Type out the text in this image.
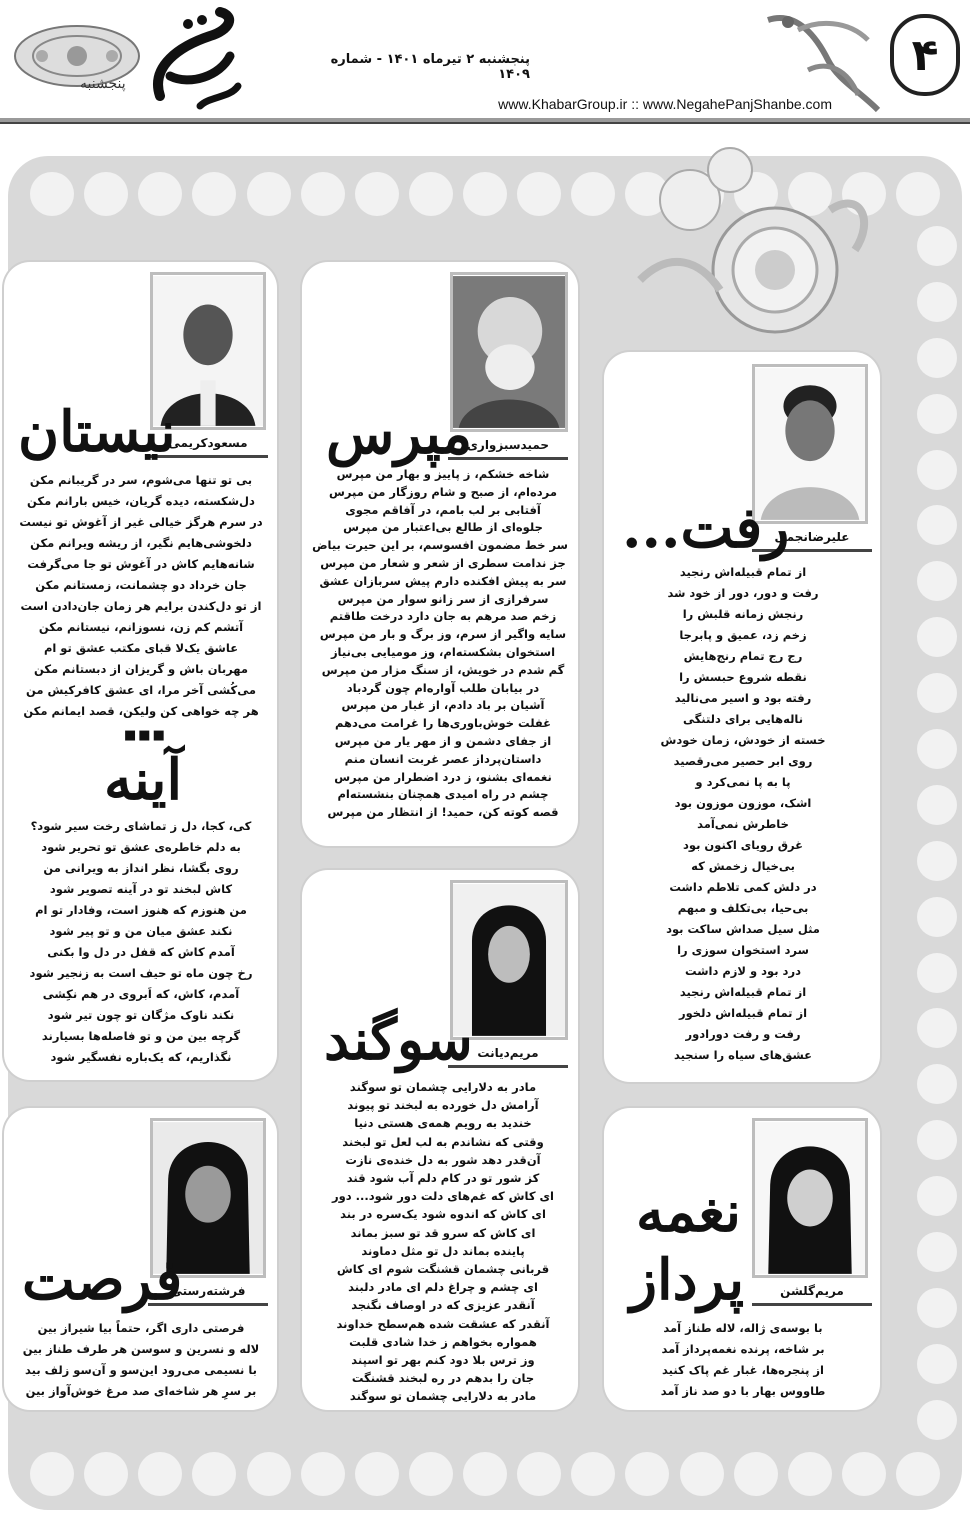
پنجشنبه
پنجشنبه ۲ تیرماه ۱۴۰۱ - شماره ۱۴۰۹
www.KhabarGroup.ir :: www.NegahePanjShanbe.com
۴
مسعودکریمی
نیستان
بی تو تنها می‌شوم، سر در گریبانم مکن
دل‌شکسته، دیده گریان، خیس بارانم مکن
در سرم هرگز خیالی غیر از آغوش تو نیست
دلخوشی‌هایم نگیر، از ریشه ویرانم مکن
شانه‌هایم کاش در آغوش تو جا می‌گرفت
جان خرداد دو چشمانت، زمستانم مکن
از تو دل‌کندن برایم هر زمان جان‌دادن است
آتشم کم زن، نسوزانم، نیستانم مکن
عاشق یک‌لا قبای مکتب عشق تو ام
مهربان باش و گریزان از دبستانم مکن
می‌کُشی آخر مرا، ای عشق کافرکیش من
هر چه خواهی کن ولیکن، قصد ایمانم مکن
■■■
آینه
کی، کجا، دل ز تماشای رخت سیر شود؟
به دلم خاطره‌ی عشق تو تحریر شود
روی بگشا، نظر انداز به ویرانی من
کاش لبخند تو در آینه تصویر شود
من هنوزم که هنوز است، وفادار تو ام
نکند عشق میان من و تو پیر شود
آمدم کاش که قفل در دل وا بکنی
رخ چون ماه تو حیف است به زنجیر شود
آمدم، کاش، که اَبروی در هم نکِشی
نکند ناوک مژگان تو چون تیر شود
گرچه بین من و تو فاصله‌ها بسیارند
نگذاریم، که یک‌باره نفسگیر شود
حمیدسبزواری
مپرس
شاخه خشکم، ز پاییز و بهار من مپرس
مرده‌ام، از صبح و شام روزگار من مپرس
آفتابی بر لب بامم، در آفاقم مجوی
جلوه‌ای از طالع بی‌اعتبار من مپرس
سر خط مضمون افسوسم، بر این حیرت بیاض
جز ندامت سطری از شعر و شعار من مپرس
سر به پیش افکنده دارم پیش سربازان عشق
سرفرازی از سر زانو سوار من مپرس
زخم صد مرهم به جان دارد درخت طاقتم
سایه واگیر از سرم، وز برگ و بار من مپرس
استخوان بشکسته‌ام، وز مومیایی بی‌نیاز
گم شدم در خویش، از سنگ مزار من مپرس
در بیابان طلب آواره‌ام چون گردباد
آشیان بر باد دادم، از غبار من مپرس
غفلت خوش‌باوری‌ها را غرامت می‌دهم
از جفای دشمن و از مهر یار من مپرس
داستان‌پرداز عصر غربت انسان منم
نغمه‌ای بشنو، ز درد اضطرار من مپرس
چشم در راه امیدی همچنان بنشسته‌ام
قصه کوته کن، حمید! از انتظار من مپرس
علیرضانجمی
رفت...
از تمام قبیله‌اش رنجید
رفت و دور، دور از خود شد
رنجش زمانه قلبش را
زخم زد، عمیق و پابرجا
رج رج تمام رنج‌هایش
نقطه شروع حبسش را
رفته بود و اسیر می‌نالید
ناله‌هایی برای دلتنگی
خسته از خودش، زمان خودش
روی ابر حصیر می‌رقصید
پا به پا نمی‌کرد و
اشک، موزون موزون بود
خاطرش نمی‌آمد
غرق رویای اکنون بود
بی‌خیال زخمش که
در دلش کمی تلاطم داشت
بی‌حیا، بی‌تکلف و مبهم
مثل سیل صداش ساکت بود
سرد استخوان سوزی را
درد بود و لازم داشت
از تمام قبیله‌اش رنجید
از تمام قبیله‌اش دلخور
رفت و رفت دورادور
عشق‌های سیاه را سنجید
مریم‌دیانت
سوگند
مادر به دلارایی چشمان تو سوگند
آرامش دل خورده به لبخند تو پیوند
خندید به رویم همه‌ی هستی دنیا
وقتی که نشاندم به لب لعل تو لبخند
آن‌قدر دهد شور به دل خنده‌ی نازت
کز شور تو در کام دلم آب شود قند
ای کاش که غم‌های دلت دور شود... دور
ای کاش که اندوه شود یک‌سره در بند
ای کاش که سرو قد تو سبز بماند
پاینده بماند دل تو مثل دماوند
قربانی چشمان قشنگت شوم ای کاش
ای چشم و چراغ دلم ای مادر دلبند
آنقدر عزیزی که در اوصاف نگنجد
آنقدر که عشقت شده هم‌سطح خداوند
همواره بخواهم ز خدا شادی قلبت
وز ترس بلا دود کنم بهر تو اسپند
جان را بدهم در ره لبخند قشنگت
مادر به دلارایی چشمان تو سوگند
فرشته‌رستی
فرصت
فرصتی داری اگر، حتماً بیا شیراز بین
لاله و نسرین و سوسن هر طرف طناز بین
با نسیمی می‌رود این‌سو و آن‌سو زلف بید
بر سرِ هر شاخه‌ای صد مرغ خوش‌آواز بین
مریم‌گلشن
نغمه
پرداز
با بوسه‌ی ژاله، لاله طناز آمد
بر شاخه، پرنده نغمه‌پرداز آمد
از پنجره‌ها، غبار غم پاک کنید
طاووس بهار با دو صد ناز آمد
